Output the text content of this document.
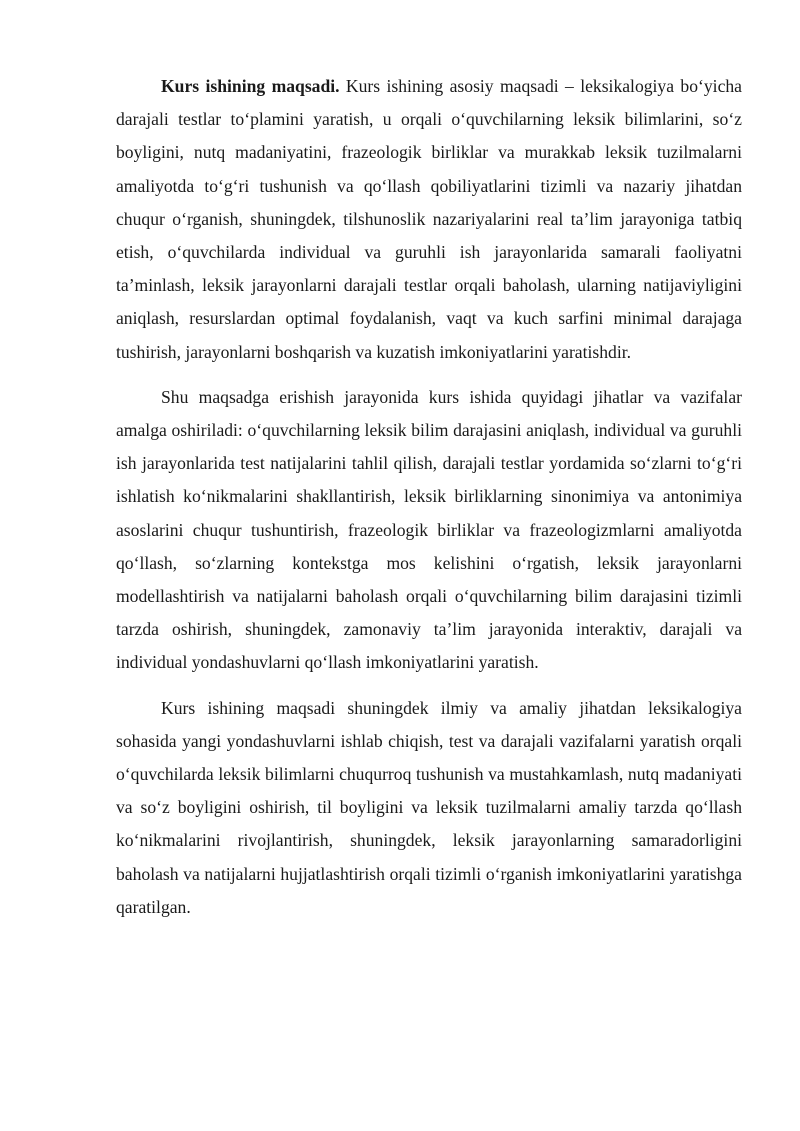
Kurs ishining maqsadi. Kurs ishining asosiy maqsadi – leksikalogiya bo‘yicha darajali testlar to‘plamini yaratish, u orqali o‘quvchilarning leksik bilimlarini, so‘z boyligini, nutq madaniyatini, frazeologik birliklar va murakkab leksik tuzilmalarni amaliyotda to‘g‘ri tushunish va qo‘llash qobiliyatlarini tizimli va nazariy jihatdan chuqur o‘rganish, shuningdek, tilshunoslik nazariyalarini real ta’lim jarayoniga tatbiq etish, o‘quvchilarda individual va guruhli ish jarayonlarida samarali faoliyatni ta’minlash, leksik jarayonlarni darajali testlar orqali baholash, ularning natijaviyligini aniqlash, resurslardan optimal foydalanish, vaqt va kuch sarfini minimal darajaga tushirish, jarayonlarni boshqarish va kuzatish imkoniyatlarini yaratishdir.

Shu maqsadga erishish jarayonida kurs ishida quyidagi jihatlar va vazifalar amalga oshiriladi: o‘quvchilarning leksik bilim darajasini aniqlash, individual va guruhli ish jarayonlarida test natijalarini tahlil qilish, darajali testlar yordamida so‘zlarni to‘g‘ri ishlatish ko‘nikmalarini shakllantirish, leksik birliklarning sinonimiya va antonimiya asoslarini chuqur tushuntirish, frazeologik birliklar va frazeologizmlarni amaliyotda qo‘llash, so‘zlarning kontekstga mos kelishini o‘rgatish, leksik jarayonlarni modellashtirish va natijalarni baholash orqali o‘quvchilarning bilim darajasini tizimli tarzda oshirish, shuningdek, zamonaviy ta’lim jarayonida interaktiv, darajali va individual yondashuvlarni qo‘llash imkoniyatlarini yaratish.

Kurs ishining maqsadi shuningdek ilmiy va amaliy jihatdan leksikalogiya sohasida yangi yondashuvlarni ishlab chiqish, test va darajali vazifalarni yaratish orqali o‘quvchilarda leksik bilimlarni chuqurroq tushunish va mustahkamlash, nutq madaniyati va so‘z boyligini oshirish, til boyligini va leksik tuzilmalarni amaliy tarzda qo‘llash ko‘nikmalarini rivojlantirish, shuningdek, leksik jarayonlarning samaradorligini baholash va natijalarni hujjatlashtirish orqali tizimli o‘rganish imkoniyatlarini yaratishga qaratilgan.
